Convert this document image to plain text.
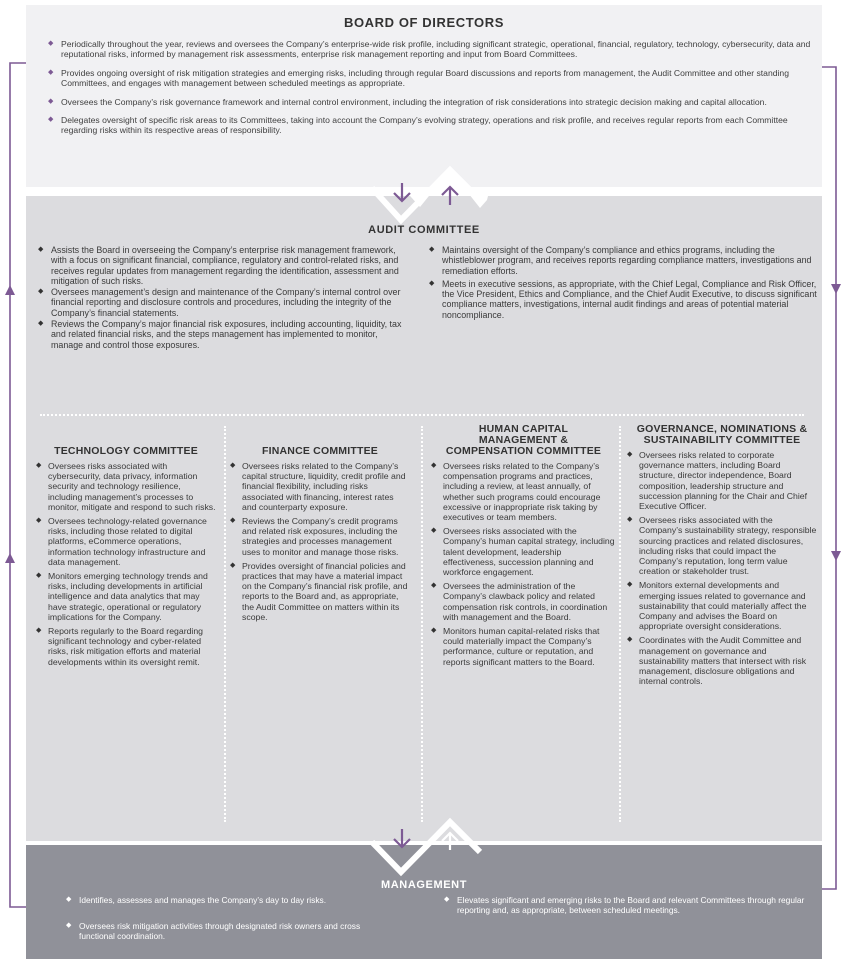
BOARD OF DIRECTORS
◆ Periodically throughout the year, reviews and oversees the Company’s enterprise-wide risk profile, including significant strategic, operational, financial, regulatory, technology, cybersecurity, data and reputational risks, informed by management risk assessments, enterprise risk management reporting and input from Board Committees.
◆ Provides ongoing oversight of risk mitigation strategies and emerging risks, including through regular Board discussions and reports from management, the Audit Committee and other standing Committees, and engages with management between scheduled meetings as appropriate.
◆ Oversees the Company’s risk governance framework and internal control environment, including the integration of risk considerations into strategic decision making and capital allocation.
◆ Delegates oversight of specific risk areas to its Committees, taking into account the Company’s evolving strategy, operations and risk profile, and receives regular reports from each Committee regarding risks within its respective areas of responsibility.
AUDIT COMMITTEE
◆ Assists the Board in overseeing the Company’s enterprise risk management framework, with a focus on significant financial, compliance, regulatory and control-related risks, and receives regular updates from management regarding the identification, assessment and mitigation of such risks.
◆ Oversees management’s design and maintenance of the Company’s internal control over financial reporting and disclosure controls and procedures, including the integrity of the Company’s financial statements.
◆ Reviews the Company’s major financial risk exposures, including accounting, liquidity, tax and related financial risks, and the steps management has implemented to monitor, manage and control those exposures.
◆ Maintains oversight of the Company’s compliance and ethics programs, including the whistleblower program, and receives reports regarding compliance matters, investigations and remediation efforts.
◆ Meets in executive sessions, as appropriate, with the Chief Legal, Compliance and Risk Officer, the Vice President, Ethics and Compliance, and the Chief Audit Executive, to discuss significant compliance matters, investigations, internal audit findings and areas of potential material noncompliance.
TECHNOLOGY COMMITTEE
◆ Oversees risks associated with cybersecurity, data privacy, information security and technology resilience, including management’s processes to monitor, mitigate and respond to such risks.
◆ Oversees technology-related governance risks, including those related to digital platforms, eCommerce operations, information technology infrastructure and data management.
◆ Monitors emerging technology trends and risks, including developments in artificial intelligence and data analytics that may have strategic, operational or regulatory implications for the Company.
◆ Reports regularly to the Board regarding significant technology and cyber-related risks, risk mitigation efforts and material developments within its oversight remit.
FINANCE COMMITTEE
◆ Oversees risks related to the Company’s capital structure, liquidity, credit profile and financial flexibility, including risks associated with financing, interest rates and counterparty exposure.
◆ Reviews the Company’s credit programs and related risk exposures, including the strategies and processes management uses to monitor and manage those risks.
◆ Provides oversight of financial policies and practices that may have a material impact on the Company’s financial risk profile, and reports to the Board and, as appropriate, the Audit Committee on matters within its scope.
HUMAN CAPITAL MANAGEMENT & COMPENSATION COMMITTEE
◆ Oversees risks related to the Company’s compensation programs and practices, including a review, at least annually, of whether such programs could encourage excessive or inappropriate risk taking by executives or team members.
◆ Oversees risks associated with the Company’s human capital strategy, including talent development, leadership effectiveness, succession planning and workforce engagement.
◆ Oversees the administration of the Company’s clawback policy and related compensation risk controls, in coordination with management and the Board.
◆ Monitors human capital-related risks that could materially impact the Company’s performance, culture or reputation, and reports significant matters to the Board.
GOVERNANCE, NOMINATIONS & SUSTAINABILITY COMMITTEE
◆ Oversees risks related to corporate governance matters, including Board structure, director independence, Board composition, leadership structure and succession planning for the Chair and Chief Executive Officer.
◆ Oversees risks associated with the Company’s sustainability strategy, responsible sourcing practices and related disclosures, including risks that could impact the Company’s reputation, long term value creation or stakeholder trust.
◆ Monitors external developments and emerging issues related to governance and sustainability that could materially affect the Company and advises the Board on appropriate oversight considerations.
◆ Coordinates with the Audit Committee and management on governance and sustainability matters that intersect with risk management, disclosure obligations and internal controls.
MANAGEMENT
◆ Identifies, assesses and manages the Company’s day to day risks.
◆ Oversees risk mitigation activities through designated risk owners and cross functional coordination.
◆ Elevates significant and emerging risks to the Board and relevant Committees through regular reporting and, as appropriate, between scheduled meetings.
